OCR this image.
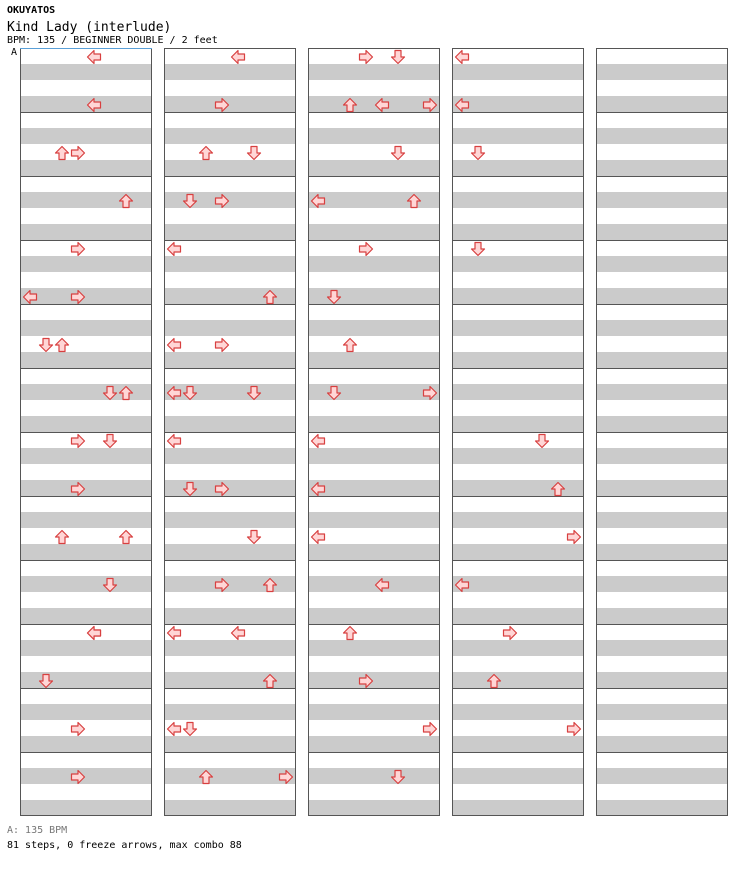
OKUYATOS
Kind Lady (interlude)
BPM: 135 / BEGINNER DOUBLE / 2 feet
A
A: 135 BPM
81 steps, 0 freeze arrows, max combo 88
